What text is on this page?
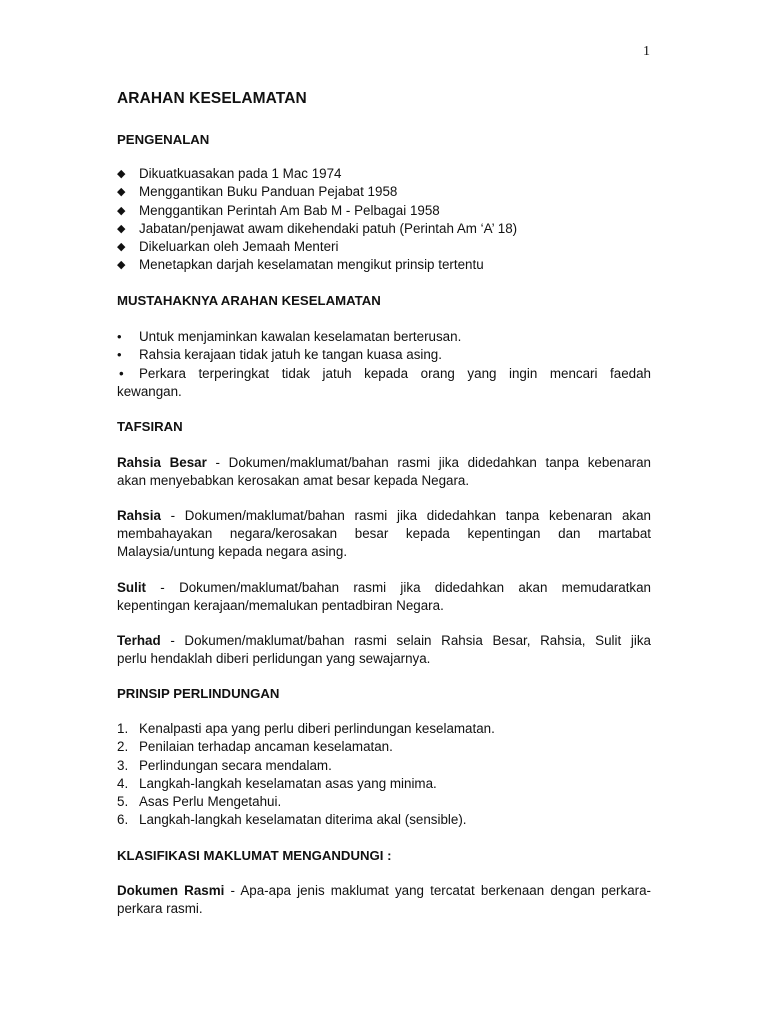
1
ARAHAN KESELAMATAN
PENGENALAN
◆	Dikuatkuasakan pada 1 Mac 1974
◆	Menggantikan Buku Panduan Pejabat 1958
◆	Menggantikan Perintah Am Bab M - Pelbagai 1958
◆	Jabatan/penjawat awam dikehendaki patuh (Perintah Am ‘A’ 18)
◆	Dikeluarkan oleh Jemaah Menteri
◆	Menetapkan darjah keselamatan mengikut prinsip tertentu
MUSTAHAKNYA ARAHAN KESELAMATAN
•	Untuk menjaminkan kawalan keselamatan berterusan.
•	Rahsia kerajaan tidak jatuh ke tangan kuasa asing.
• Perkara terperingkat tidak jatuh kepada orang yang ingin mencari faedah
kewangan.
TAFSIRAN
Rahsia Besar - Dokumen/maklumat/bahan rasmi jika didedahkan tanpa kebenaran
akan menyebabkan kerosakan amat besar kepada Negara.
Rahsia - Dokumen/maklumat/bahan rasmi jika didedahkan tanpa kebenaran akan
membahayakan negara/kerosakan besar kepada kepentingan dan martabat
Malaysia/untung kepada negara asing.
Sulit - Dokumen/maklumat/bahan rasmi jika didedahkan akan memudaratkan
kepentingan kerajaan/memalukan pentadbiran Negara.
Terhad - Dokumen/maklumat/bahan rasmi selain Rahsia Besar, Rahsia, Sulit jika
perlu hendaklah diberi perlidungan yang sewajarnya.
PRINSIP PERLINDUNGAN
1. Kenalpasti apa yang perlu diberi perlindungan keselamatan.
2. Penilaian terhadap ancaman keselamatan.
3. Perlindungan secara mendalam.
4. Langkah-langkah keselamatan asas yang minima.
5. Asas Perlu Mengetahui.
6. Langkah-langkah keselamatan diterima akal (sensible).
KLASIFIKASI MAKLUMAT MENGANDUNGI :
Dokumen Rasmi - Apa-apa jenis maklumat yang tercatat berkenaan dengan perkara-
perkara rasmi.
